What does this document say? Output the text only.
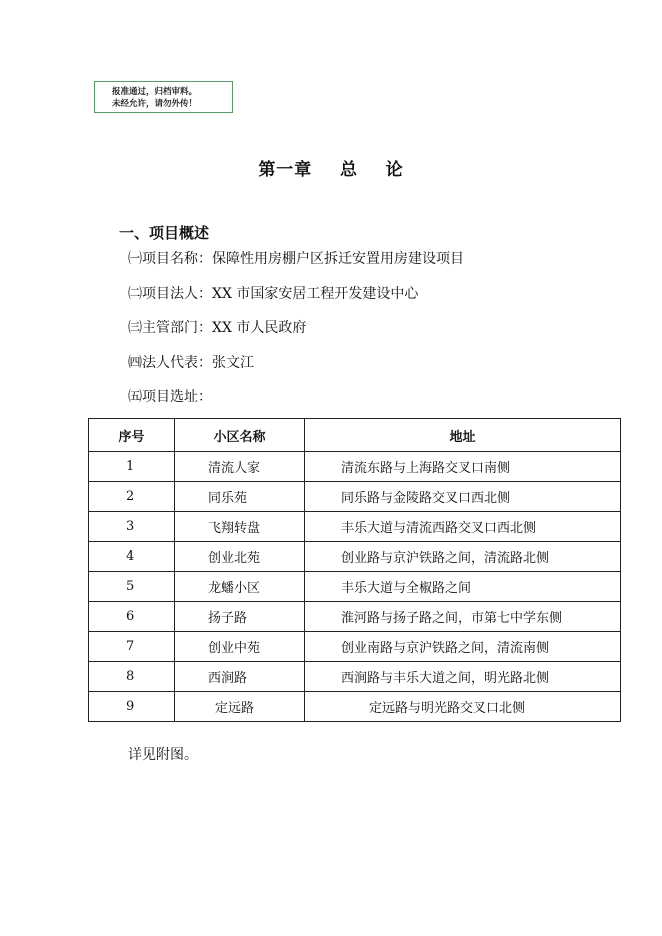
报准通过，归档审料。
未经允许，请勿外传！
第一章    总    论
一、项目概述
㈠项目名称：保障性用房棚户区拆迁安置用房建设项目
㈡项目法人：XX 市国家安居工程开发建设中心
㈢主管部门：XX 市人民政府
㈣法人代表：张文江
㈤项目选址：
序号	小区名称	地址
1	清流人家	清流东路与上海路交叉口南侧
2	同乐苑	同乐路与金陵路交叉口西北侧
3	飞翔转盘	丰乐大道与清流西路交叉口西北侧
4	创业北苑	创业路与京沪铁路之间，清流路北侧
5	龙蟠小区	丰乐大道与全椒路之间
6	扬子路	淮河路与扬子路之间，市第七中学东侧
7	创业中苑	创业南路与京沪铁路之间，清流南侧
8	西涧路	西涧路与丰乐大道之间，明光路北侧
9	定远路	定远路与明光路交叉口北侧
详见附图。
